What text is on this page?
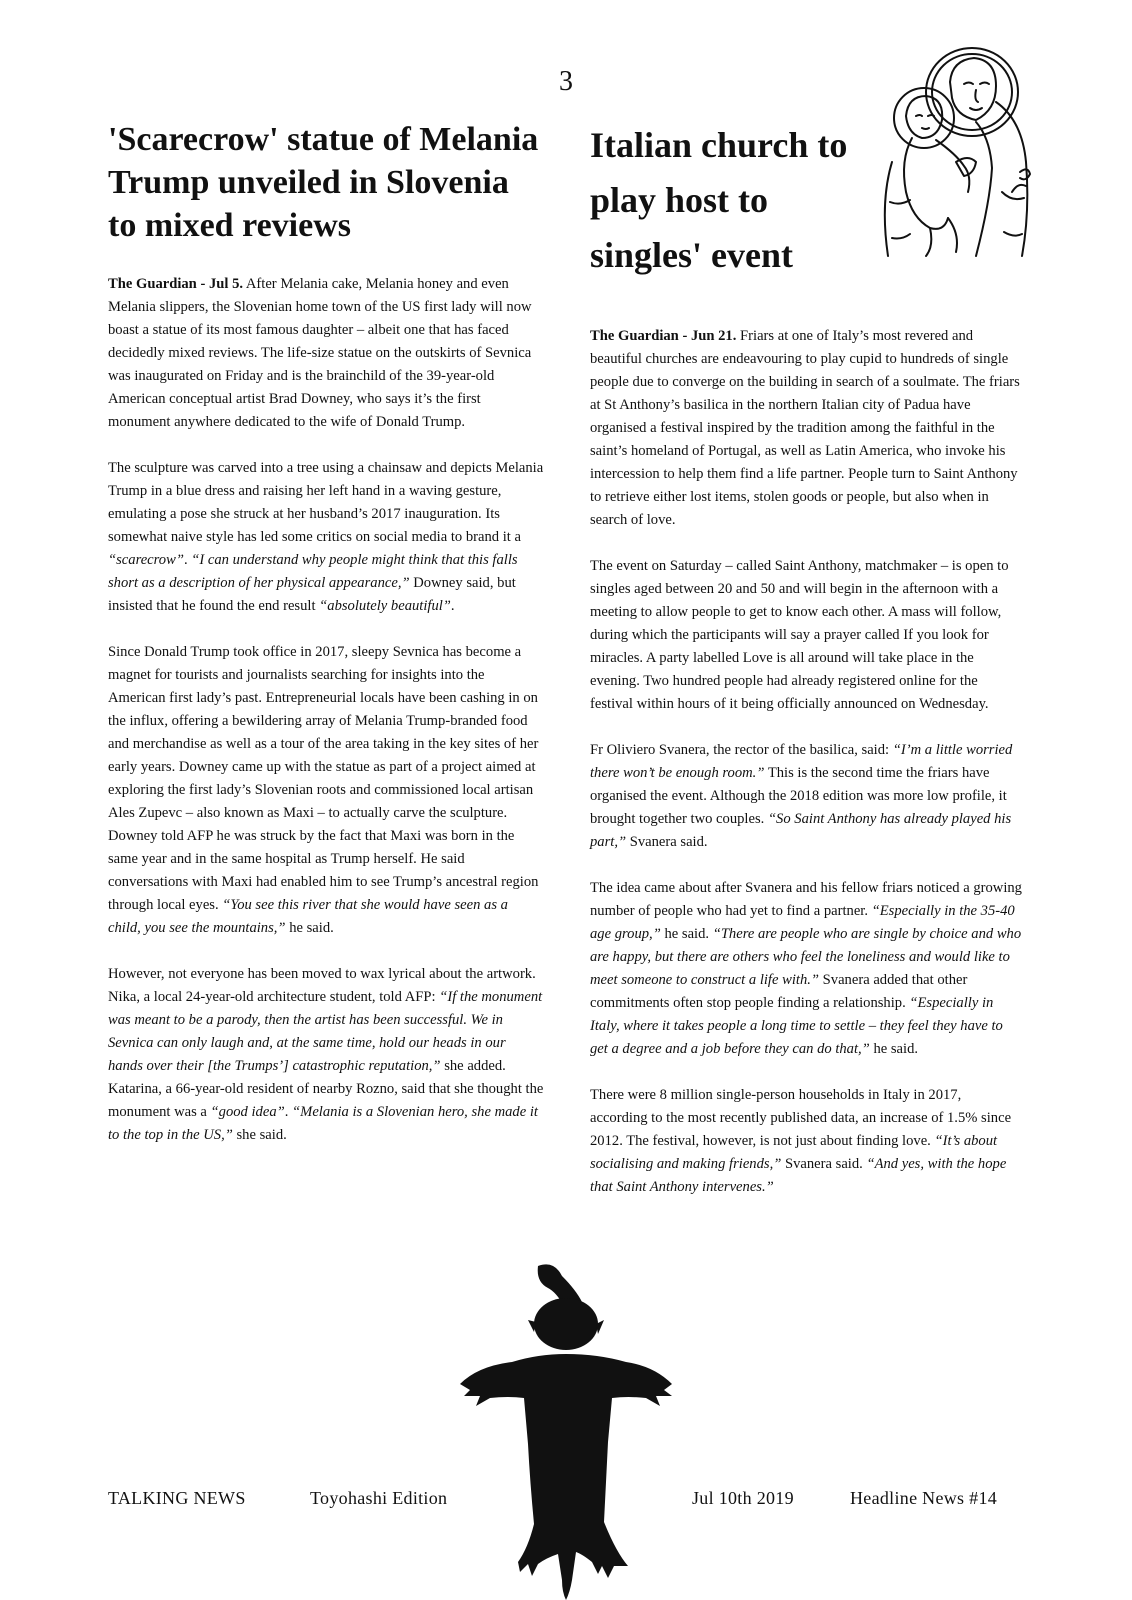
3
'Scarecrow' statue of Melania Trump unveiled in Slovenia to mixed reviews

The Guardian - Jul 5. After Melania cake, Melania honey and even Melania slippers, the Slovenian home town of the US first lady will now boast a statue of its most famous daughter – albeit one that has faced decidedly mixed reviews. The life-size statue on the outskirts of Sevnica was inaugurated on Friday and is the brainchild of the 39-year-old American conceptual artist Brad Downey, who says it’s the first monument anywhere dedicated to the wife of Donald Trump.

The sculpture was carved into a tree using a chainsaw and depicts Melania Trump in a blue dress and raising her left hand in a waving gesture, emulating a pose she struck at her husband’s 2017 inauguration. Its somewhat naive style has led some critics on social media to brand it a “scarecrow”. “I can understand why people might think that this falls short as a description of her physical appearance,” Downey said, but insisted that he found the end result “absolutely beautiful”.

Since Donald Trump took office in 2017, sleepy Sevnica has become a magnet for tourists and journalists searching for insights into the American first lady’s past. Entrepreneurial locals have been cashing in on the influx, offering a bewildering array of Melania Trump-branded food and merchandise as well as a tour of the area taking in the key sites of her early years. Downey came up with the statue as part of a project aimed at exploring the first lady’s Slovenian roots and commissioned local artisan Ales Zupevc – also known as Maxi – to actually carve the sculpture. Downey told AFP he was struck by the fact that Maxi was born in the same year and in the same hospital as Trump herself. He said conversations with Maxi had enabled him to see Trump’s ancestral region through local eyes. “You see this river that she would have seen as a child, you see the mountains,” he said.

However, not everyone has been moved to wax lyrical about the artwork. Nika, a local 24-year-old architecture student, told AFP: “If the monument was meant to be a parody, then the artist has been successful. We in Sevnica can only laugh and, at the same time, hold our heads in our hands over their [the Trumps’] catastrophic reputation,” she added. Katarina, a 66-year-old resident of nearby Rozno, said that she thought the monument was a “good idea”. “Melania is a Slovenian hero, she made it to the top in the US,” she said.

Italian church to play host to singles' event

The Guardian - Jun 21. Friars at one of Italy’s most revered and beautiful churches are endeavouring to play cupid to hundreds of single people due to converge on the building in search of a soulmate. The friars at St Anthony’s basilica in the northern Italian city of Padua have organised a festival inspired by the tradition among the faithful in the saint’s homeland of Portugal, as well as Latin America, who invoke his intercession to help them find a life partner. People turn to Saint Anthony to retrieve either lost items, stolen goods or people, but also when in search of love.

The event on Saturday – called Saint Anthony, matchmaker – is open to singles aged between 20 and 50 and will begin in the afternoon with a meeting to allow people to get to know each other. A mass will follow, during which the participants will say a prayer called If you look for miracles. A party labelled Love is all around will take place in the evening. Two hundred people had already registered online for the festival within hours of it being officially announced on Wednesday.

Fr Oliviero Svanera, the rector of the basilica, said: “I’m a little worried there won’t be enough room.” This is the second time the friars have organised the event. Although the 2018 edition was more low profile, it brought together two couples. “So Saint Anthony has already played his part,” Svanera said.

The idea came about after Svanera and his fellow friars noticed a growing number of people who had yet to find a partner. “Especially in the 35-40 age group,” he said. “There are people who are single by choice and who are happy, but there are others who feel the loneliness and would like to meet someone to construct a life with.” Svanera added that other commitments often stop people finding a relationship. “Especially in Italy, where it takes people a long time to settle – they feel they have to get a degree and a job before they can do that,” he said.

There were 8 million single-person households in Italy in 2017, according to the most recently published data, an increase of 1.5% since 2012. The festival, however, is not just about finding love. “It’s about socialising and making friends,” Svanera said. “And yes, with the hope that Saint Anthony intervenes.”

TALKING NEWS	Toyohashi Edition	Jul 10th 2019	Headline News #14
